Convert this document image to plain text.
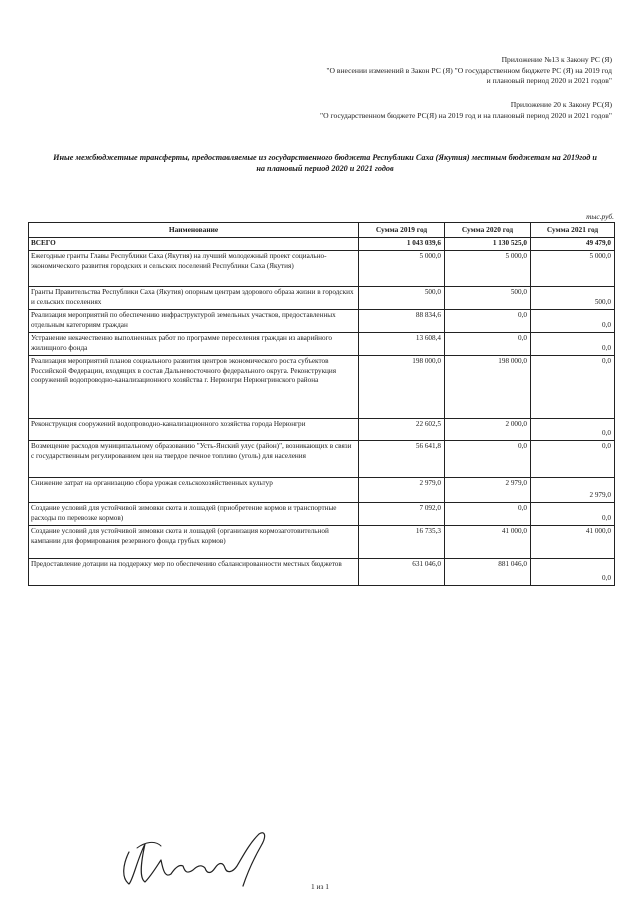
Приложение №13 к Закону РС (Я)
"О внесении изменений в Закон РС (Я) "О государственном бюджете РС (Я) на 2019 год
и плановый период 2020 и 2021 годов"
Приложение 20 к Закону РС(Я)
"О государственном бюджете РС(Я) на 2019 год и на плановый период 2020 и 2021 годов"
Иные межбюджетные трансферты, предоставляемые из государственного бюджета Республики Саха (Якутия) местным бюджетам на 2019год и
на плановый период 2020 и 2021 годов
тыс.руб.
Наименование	Сумма 2019 год	Сумма 2020 год	Сумма 2021 год
ВСЕГО	1 043 039,6	1 130 525,0	49 479,0
Ежегодные гранты Главы Республики Саха (Якутия) на лучший молодежный проект социально-экономического развития городских и сельских поселений Республики Саха (Якутия)	5 000,0	5 000,0	5 000,0
Гранты Правительства Республики Саха (Якутия) опорным центрам здорового образа жизни в городских и сельских поселениях	500,0	500,0	500,0
Реализация мероприятий по обеспечению инфраструктурой земельных участков, предоставленных отдельным категориям граждан	88 834,6	0,0	0,0
Устранение некачественно выполненных работ по программе переселения граждан из аварийного жилищного фонда	13 608,4	0,0	0,0
Реализация мероприятий планов социального развития центров экономического роста субъектов Российской Федерации, входящих в состав Дальневосточного федерального округа. Реконструкция сооружений водопроводно-канализационного хозяйства г. Нерюнгри Нерюнгринского района	198 000,0	198 000,0	0,0
Реконструкция сооружений водопроводно-канализационного хозяйства города Нерюнгри	22 602,5	2 000,0	0,0
Возмещение расходов муниципальному образованию "Усть-Янский улус (район)", возникающих в связи с государственным регулированием цен на твердое печное топливо (уголь) для населения	56 641,8	0,0	0,0
Снижение затрат на организацию сбора урожая сельскохозяйственных культур	2 979,0	2 979,0	2 979,0
Создание условий для устойчивой зимовки скота и лошадей (приобретение кормов и транспортные расходы по перевозке кормов)	7 092,0	0,0	0,0
Создание условий для устойчивой зимовки скота и лошадей (организация кормозаготовительной кампании для формирования резервного фонда грубых кормов)	16 735,3	41 000,0	41 000,0
Предоставление дотации на поддержку мер по обеспечению сбалансированности местных бюджетов	631 046,0	881 046,0	0,0
1 из 1
